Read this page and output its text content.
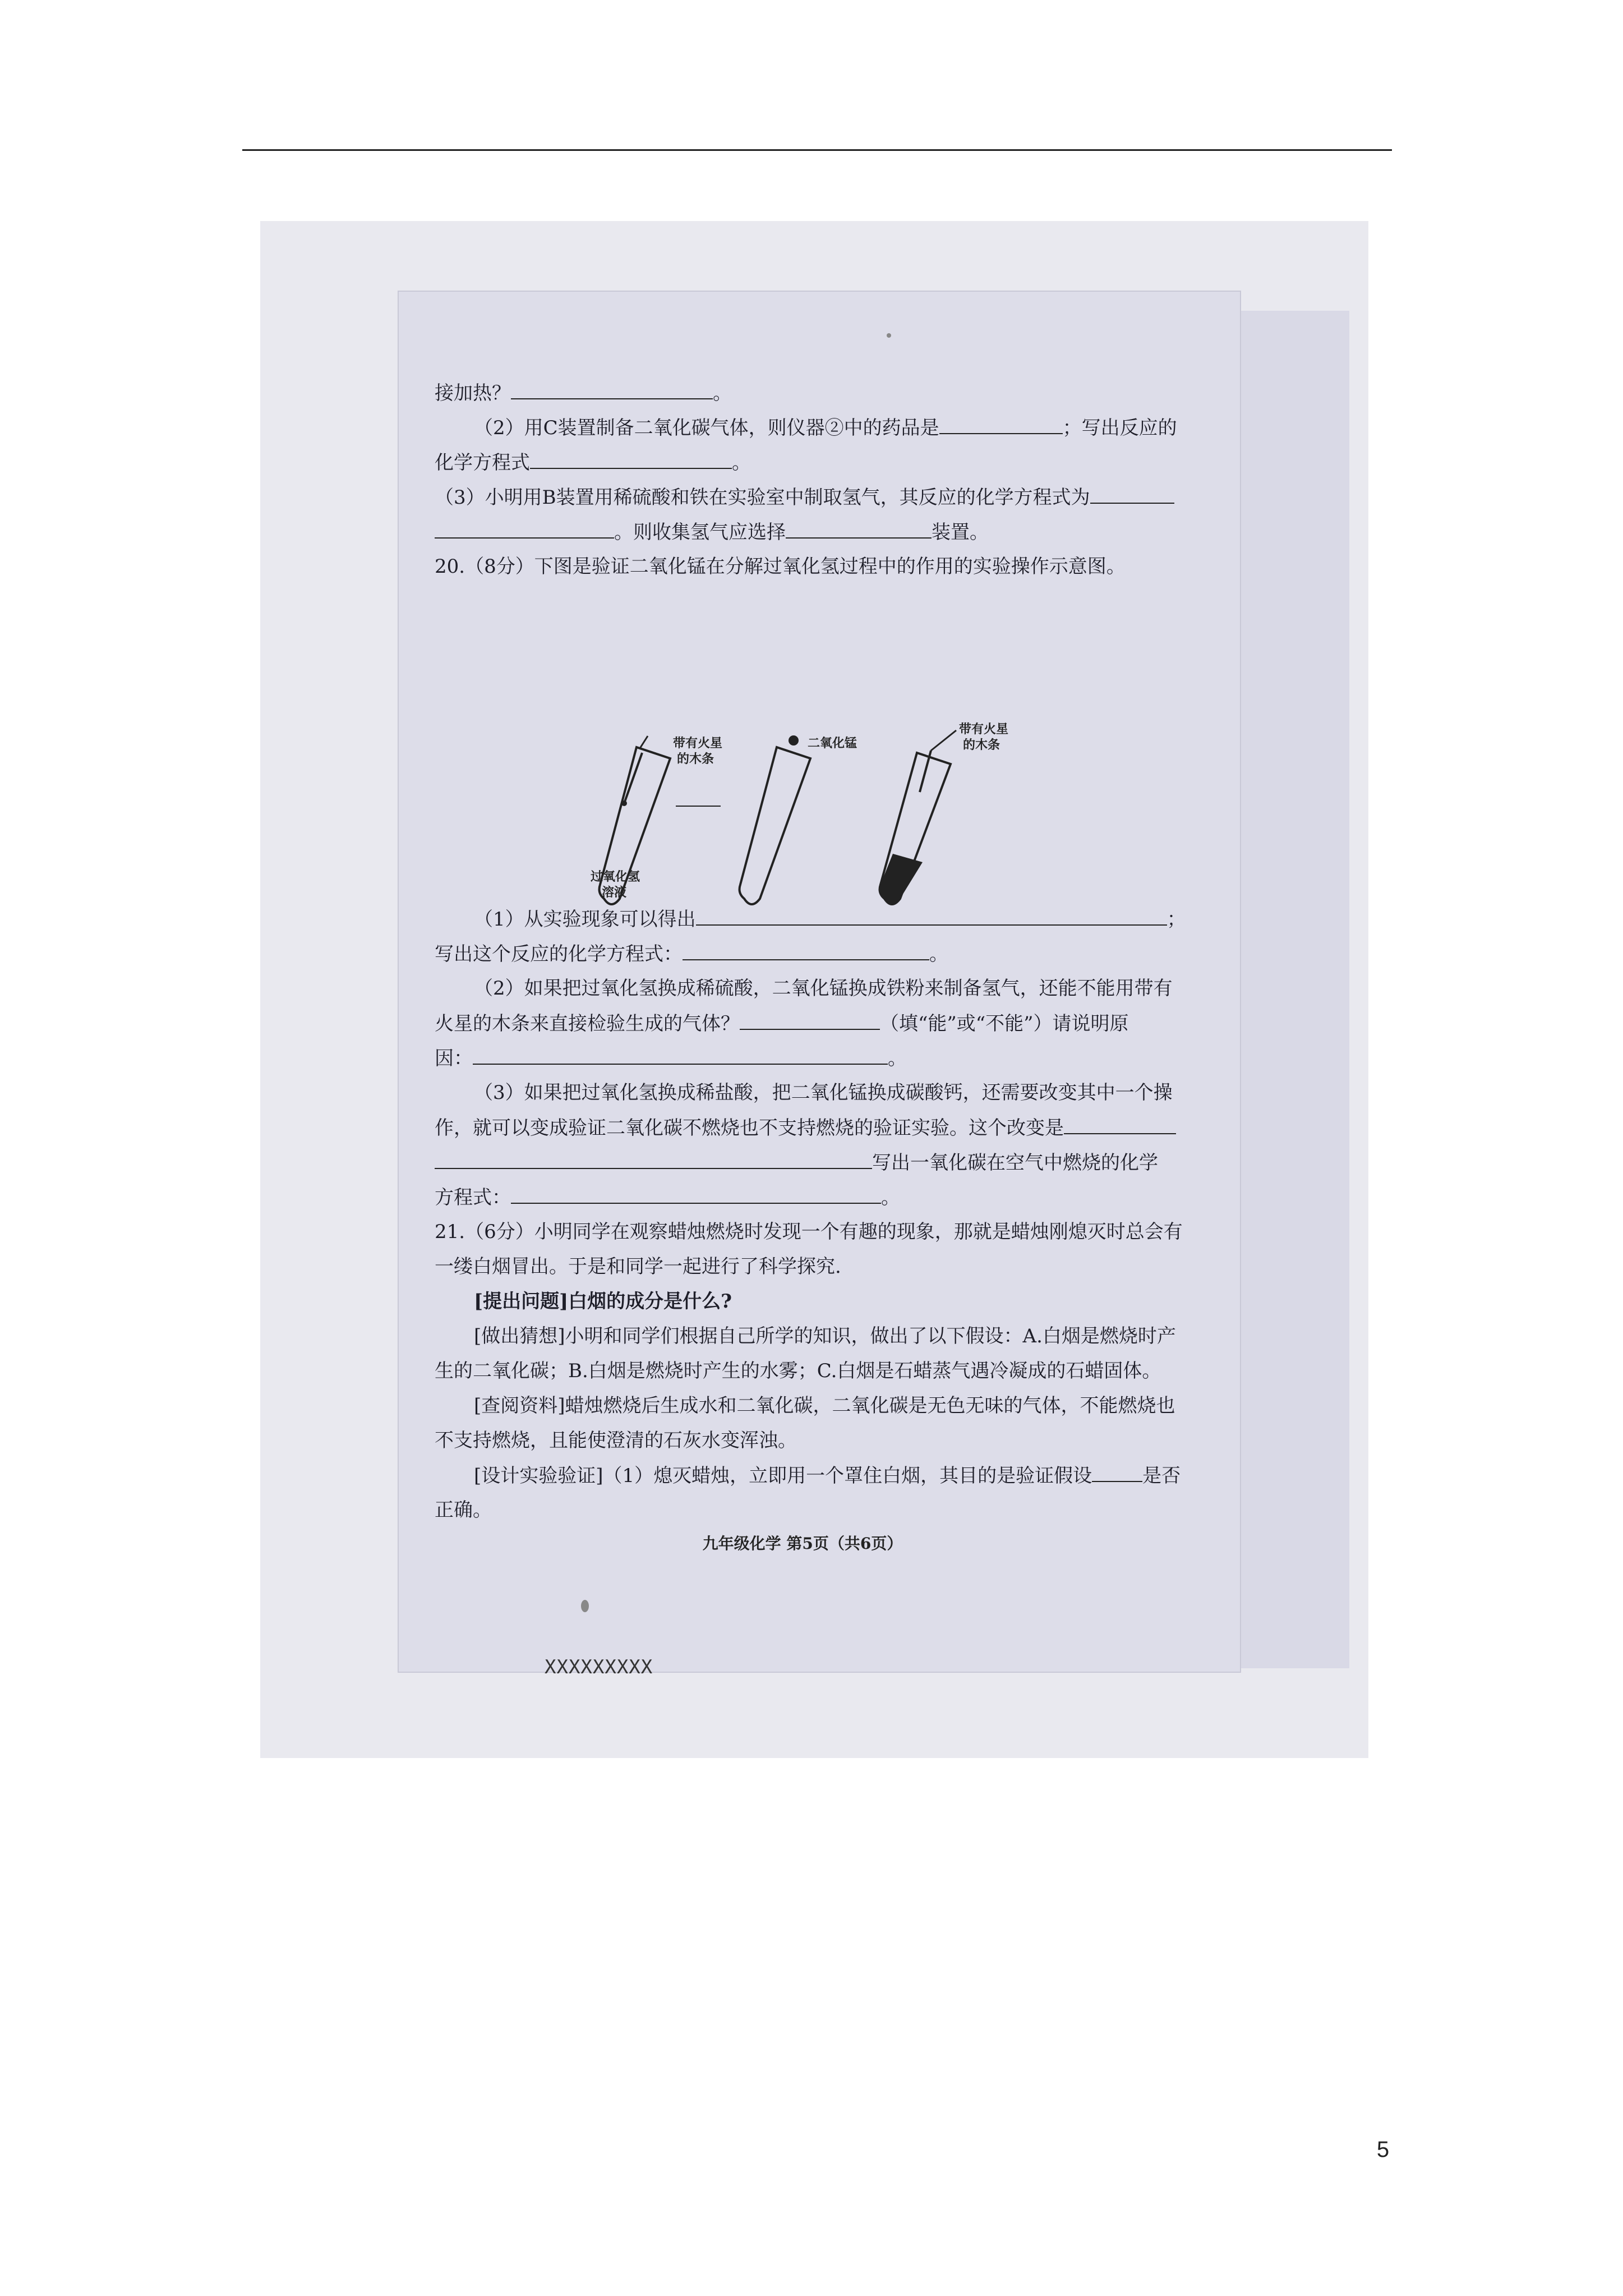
接加热？	。
（2）用C装置制备二氧化碳气体，则仪器②中的药品是	；写出反应的
化学方程式	。
（3）小明用B装置用稀硫酸和铁在实验室中制取氢气，其反应的化学方程式为
。则收集氢气应选择	装置。
20.（8分）下图是验证二氧化锰在分解过氧化氢过程中的作用的实验操作示意图。
带有火星
的木条
二氧化锰
带有火星
的木条
过氧化氢
溶液
（1）从实验现象可以得出	；
写出这个反应的化学方程式：	。
（2）如果把过氧化氢换成稀硫酸，二氧化锰换成铁粉来制备氢气，还能不能用带有
火星的木条来直接检验生成的气体？	（填“能”或“不能”）请说明原
因：	。
（3）如果把过氧化氢换成稀盐酸，把二氧化锰换成碳酸钙，还需要改变其中一个操
作，就可以变成验证二氧化碳不燃烧也不支持燃烧的验证实验。这个改变是
写出一氧化碳在空气中燃烧的化学
方程式：	。
21.（6分）小明同学在观察蜡烛燃烧时发现一个有趣的现象，那就是蜡烛刚熄灭时总会有
一缕白烟冒出。于是和同学一起进行了科学探究.
[提出问题]白烟的成分是什么?
[做出猜想]小明和同学们根据自己所学的知识，做出了以下假设：A.白烟是燃烧时产
生的二氧化碳；B.白烟是燃烧时产生的水雾；C.白烟是石蜡蒸气遇冷凝成的石蜡固体。
[查阅资料]蜡烛燃烧后生成水和二氧化碳，二氧化碳是无色无味的气体，不能燃烧也
不支持燃烧，且能使澄清的石灰水变浑浊。
[设计实验验证]（1）熄灭蜡烛，立即用一个罩住白烟，其目的是验证假设	是否
正确。
九年级化学 第5页（共6页）
XXXXXXXXX
5
